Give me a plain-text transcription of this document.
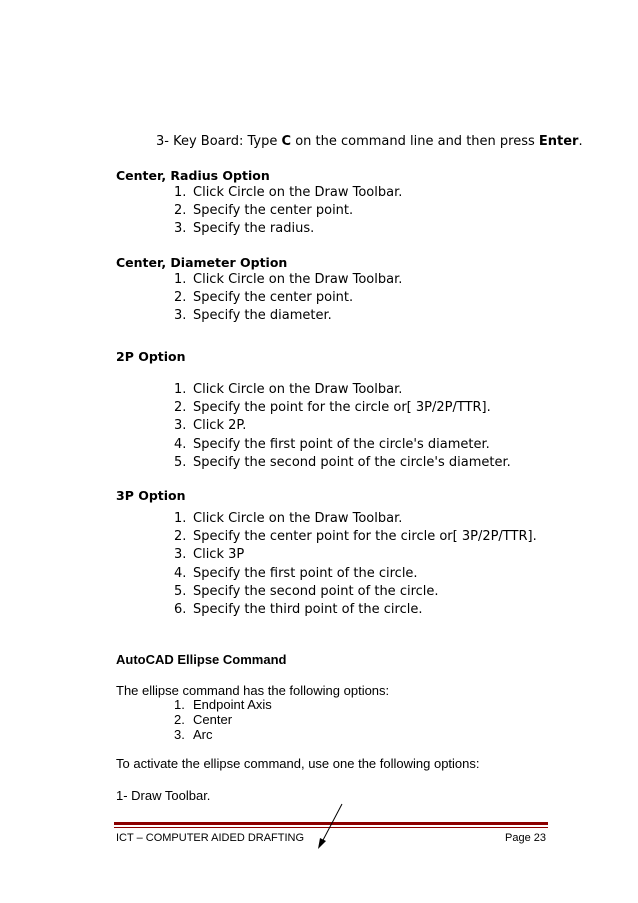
3- Key Board: Type C on the command line and then press Enter.
Center, Radius Option
1. Click Circle on the Draw Toolbar.
2. Specify the center point.
3. Specify the radius.
Center, Diameter Option
1. Click Circle on the Draw Toolbar.
2. Specify the center point.
3. Specify the diameter.
2P Option
1. Click Circle on the Draw Toolbar.
2. Specify the point for the circle or[ 3P/2P/TTR].
3. Click 2P.
4. Specify the first point of the circle's diameter.
5. Specify the second point of the circle's diameter.
3P Option
1. Click Circle on the Draw Toolbar.
2. Specify the center point for the circle or[ 3P/2P/TTR].
3. Click 3P
4. Specify the first point of the circle.
5. Specify the second point of the circle.
6. Specify the third point of the circle.
AutoCAD Ellipse Command
The ellipse command has the following options:
1. Endpoint Axis
2. Center
3. Arc
To activate the ellipse command, use one the following options:
1- Draw Toolbar.
ICT – COMPUTER AIDED DRAFTING	Page 23
